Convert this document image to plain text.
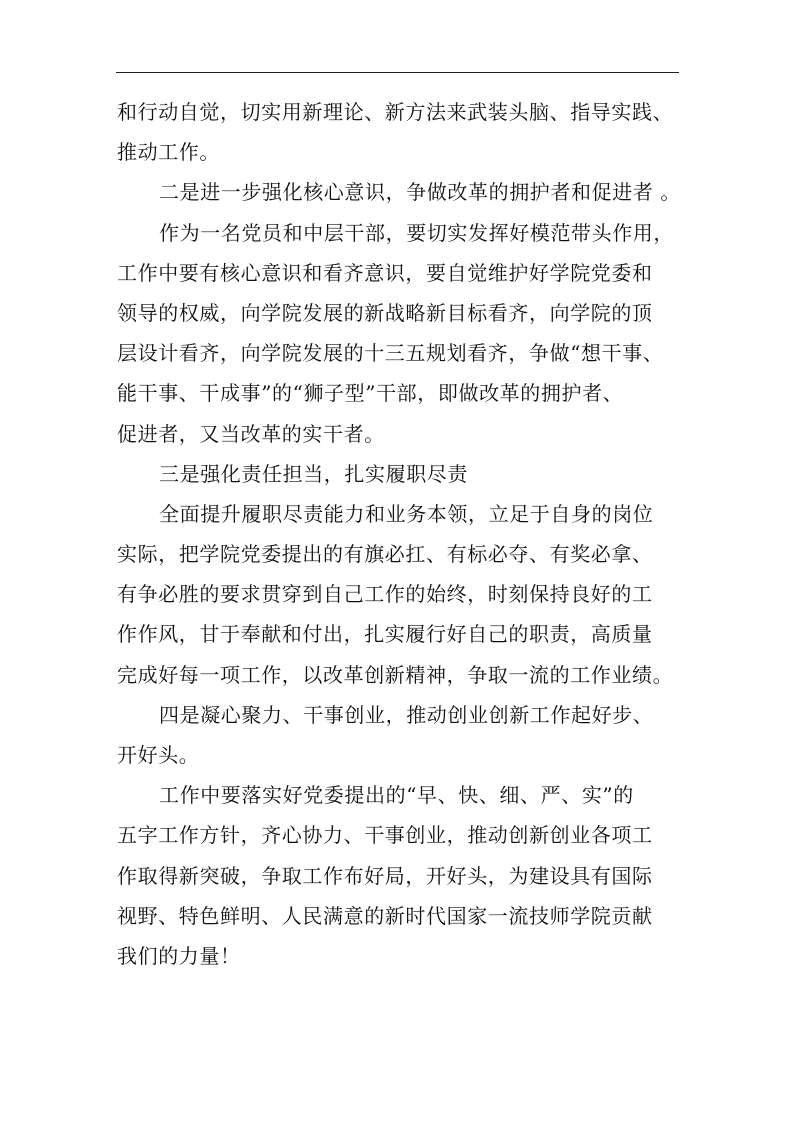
和行动自觉，切实用新理论、新方法来武装头脑、指导实践、
推动工作。
二是进一步强化核心意识，争做改革的拥护者和促进者 。
作为一名党员和中层干部，要切实发挥好模范带头作用，
工作中要有核心意识和看齐意识，要自觉维护好学院党委和
领导的权威，向学院发展的新战略新目标看齐，向学院的顶
层设计看齐，向学院发展的十三五规划看齐，争做“想干事、
能干事、干成事”的“狮子型”干部，即做改革的拥护者、
促进者，又当改革的实干者。
三是强化责任担当，扎实履职尽责
全面提升履职尽责能力和业务本领，立足于自身的岗位
实际，把学院党委提出的有旗必扛、有标必夺、有奖必拿、
有争必胜的要求贯穿到自己工作的始终，时刻保持良好的工
作作风，甘于奉献和付出，扎实履行好自己的职责，高质量
完成好每一项工作，以改革创新精神，争取一流的工作业绩。
四是凝心聚力、干事创业，推动创业创新工作起好步、
开好头。
工作中要落实好党委提出的“早、快、细、严、实”的
五字工作方针，齐心协力、干事创业，推动创新创业各项工
作取得新突破，争取工作布好局，开好头，为建设具有国际
视野、特色鲜明、人民满意的新时代国家一流技师学院贡献
我们的力量！
